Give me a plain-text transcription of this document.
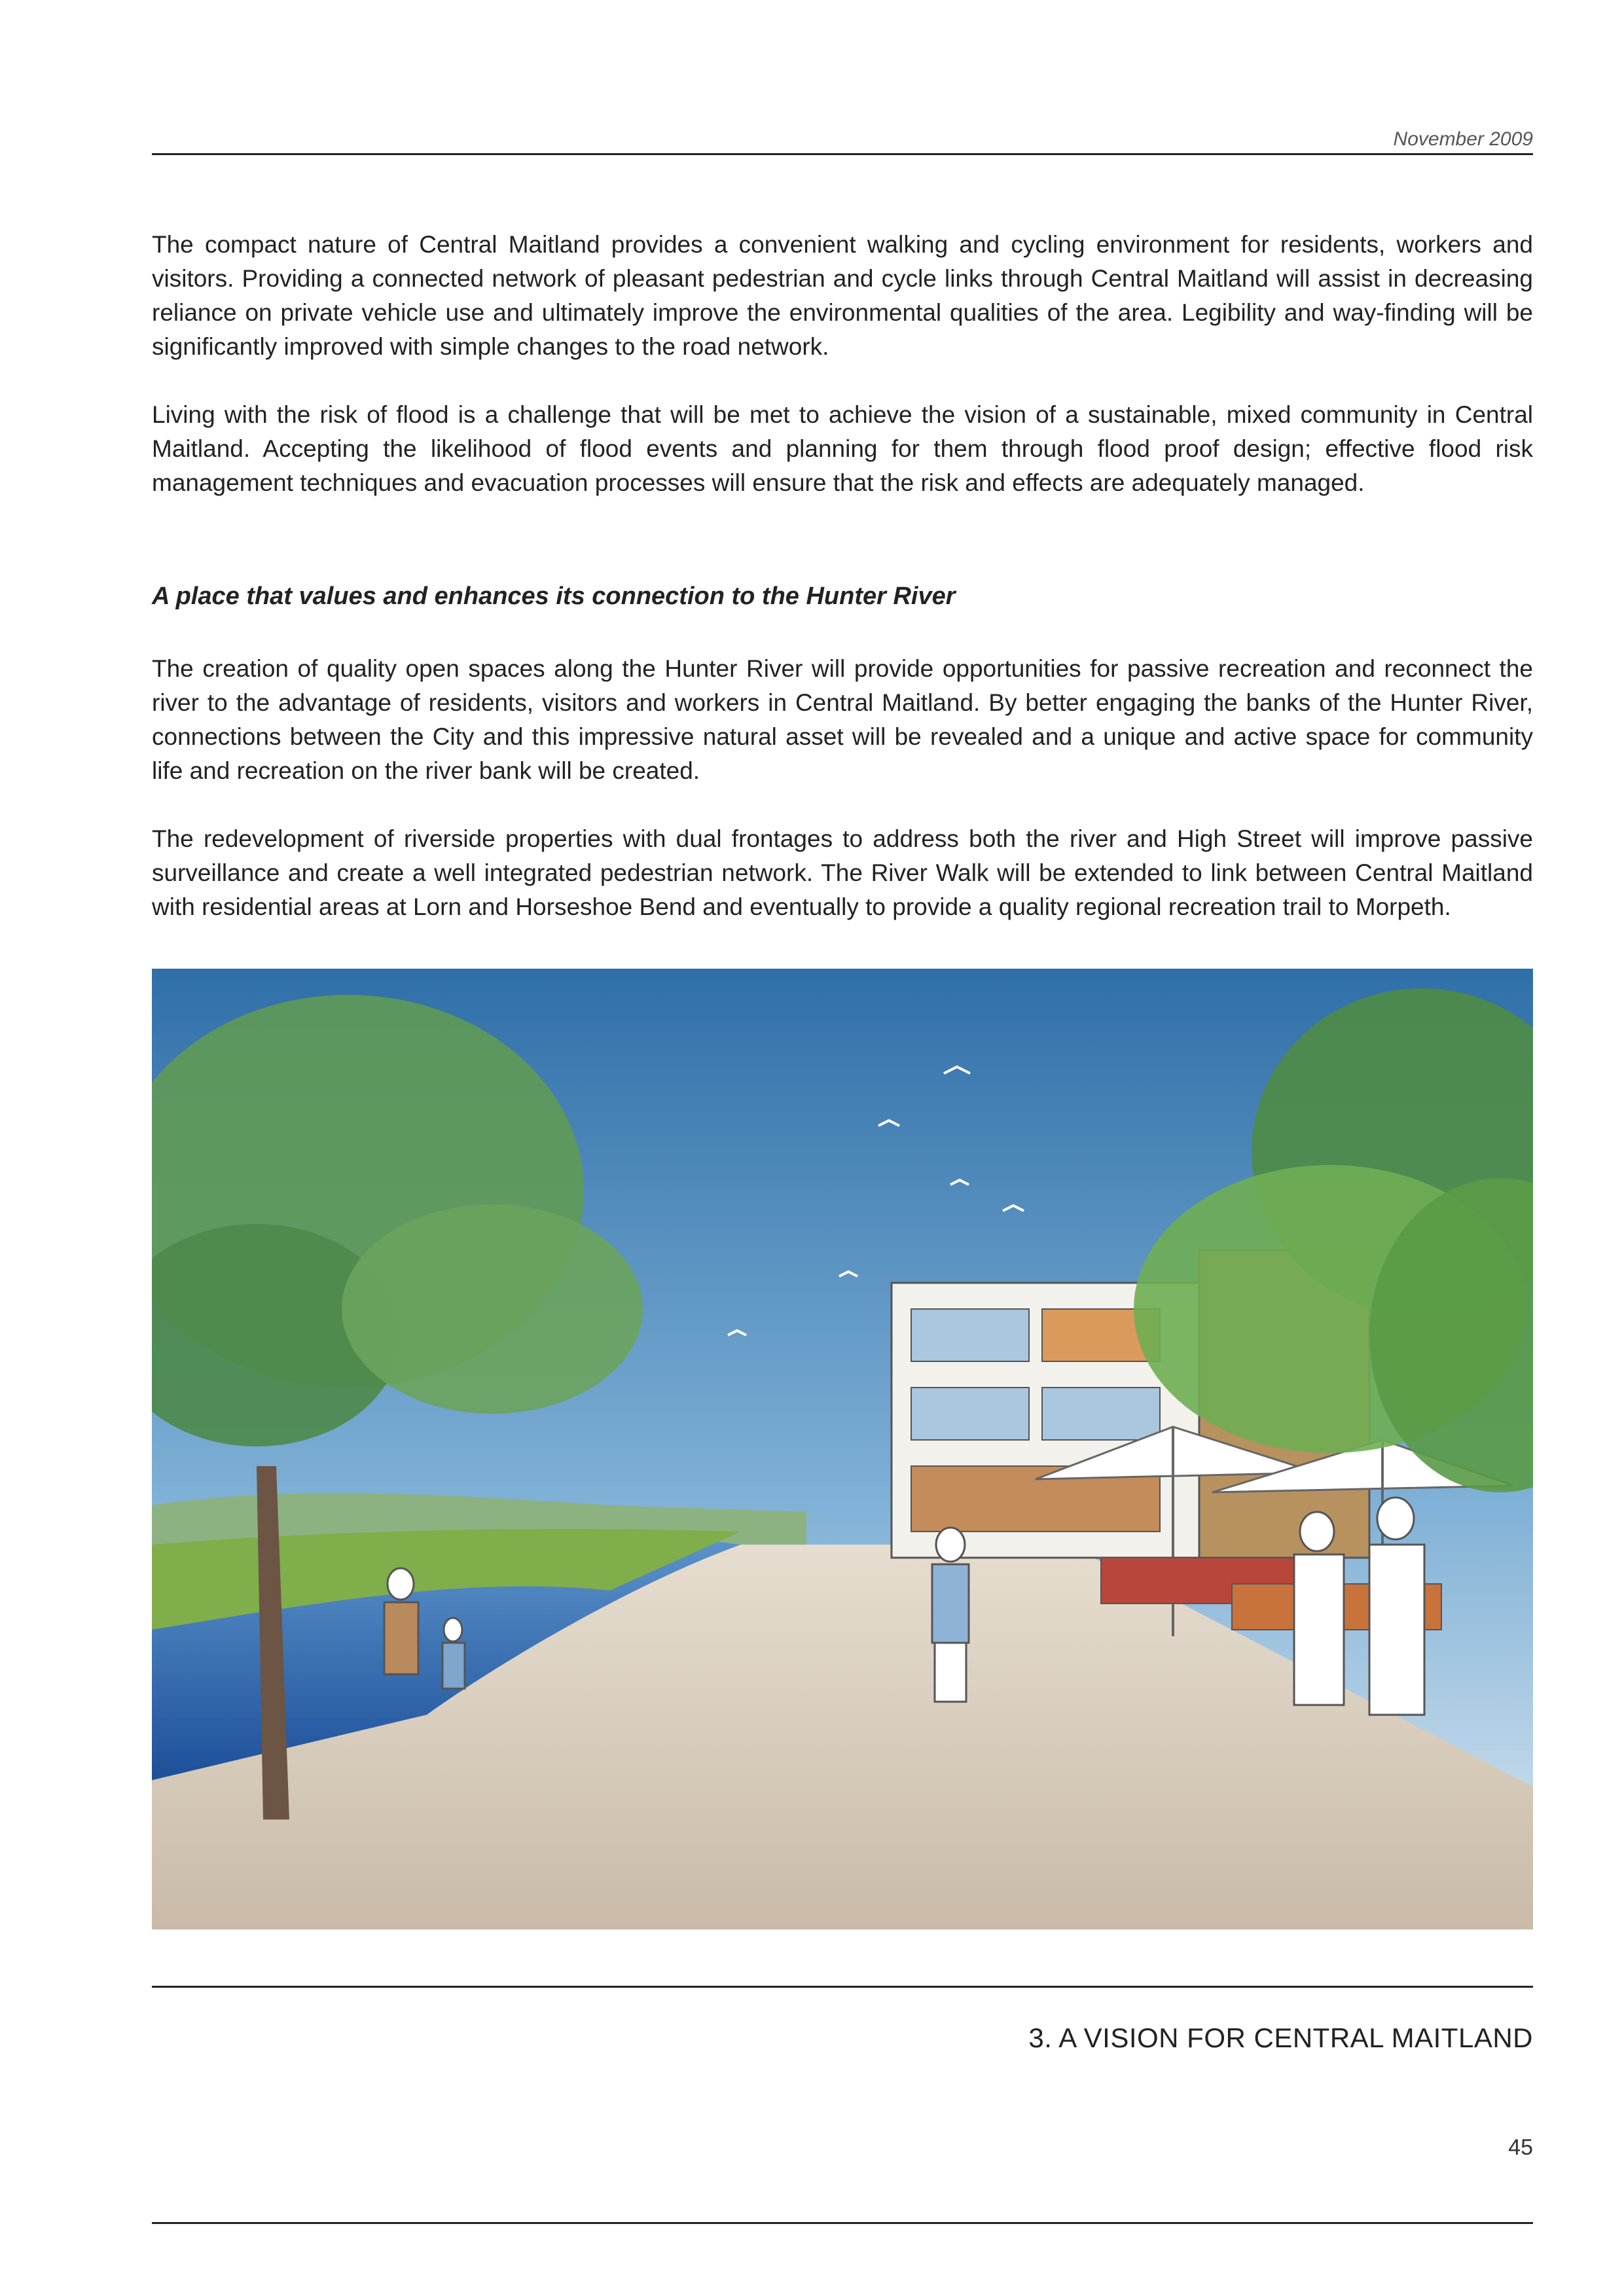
November 2009

The compact nature of Central Maitland provides a convenient walking and cycling environment for residents, workers and visitors. Providing a connected network of pleasant pedestrian and cycle links through Central Maitland will assist in decreasing reliance on private vehicle use and ultimately improve the environmental qualities of the area. Legibility and way-finding will be significantly improved with simple changes to the road network.

Living with the risk of flood is a challenge that will be met to achieve the vision of a sustainable, mixed community in Central Maitland. Accepting the likelihood of flood events and planning for them through flood proof design; effective flood risk management techniques and evacuation processes will ensure that the risk and effects are adequately managed.

A place that values and enhances its connection to the Hunter River

The creation of quality open spaces along the Hunter River will provide opportunities for passive recreation and reconnect the river to the advantage of residents, visitors and workers in Central Maitland. By better engaging the banks of the Hunter River, connections between the City and this impressive natural asset will be revealed and a unique and active space for community life and recreation on the river bank will be created.

The redevelopment of riverside properties with dual frontages to address both the river and High Street will improve passive surveillance and create a well integrated pedestrian network. The River Walk will be extended to link between Central Maitland with residential areas at Lorn and Horseshoe Bend and eventually to provide a quality regional recreation trail to Morpeth.

3. A VISION FOR CENTRAL MAITLAND
45
